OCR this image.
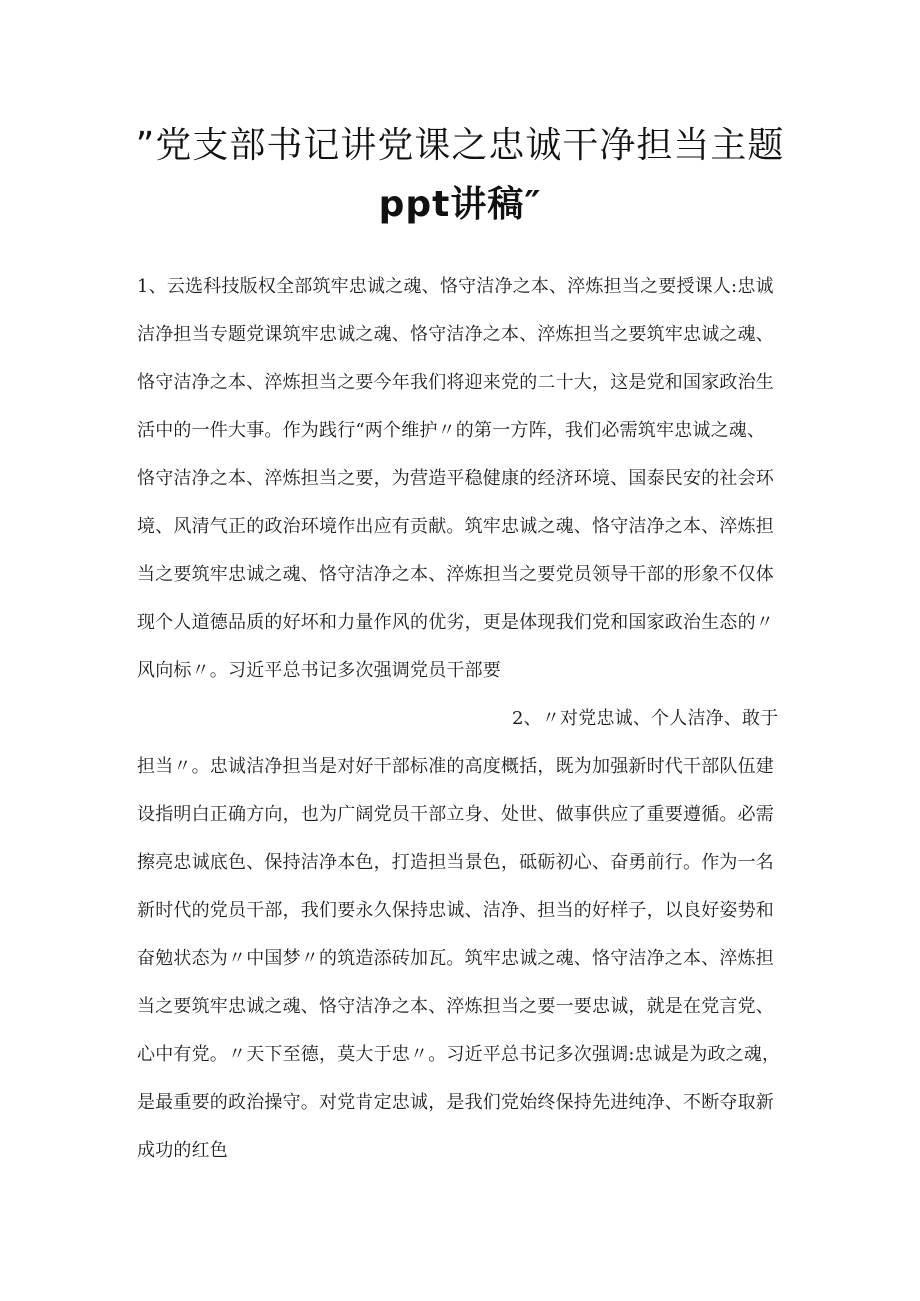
”党支部书记讲党课之忠诚干净担当主题
ppt讲稿″
1、云选科技版权全部筑牢忠诚之魂、恪守洁净之本、淬炼担当之要授课人:忠诚
洁净担当专题党课筑牢忠诚之魂、恪守洁净之本、淬炼担当之要筑牢忠诚之魂、
恪守洁净之本、淬炼担当之要今年我们将迎来党的二十大，这是党和国家政治生
活中的一件大事。作为践行“两个维护〃的第一方阵，我们必需筑牢忠诚之魂、
恪守洁净之本、淬炼担当之要，为营造平稳健康的经济环境、国泰民安的社会环
境、风清气正的政治环境作出应有贡献。筑牢忠诚之魂、恪守洁净之本、淬炼担
当之要筑牢忠诚之魂、恪守洁净之本、淬炼担当之要党员领导干部的形象不仅体
现个人道德品质的好坏和力量作风的优劣，更是体现我们党和国家政治生态的〃
风向标〃。习近平总书记多次强调党员干部要
2、〃对党忠诚、个人洁净、敢于
担当〃。忠诚洁净担当是对好干部标准的高度概括，既为加强新时代干部队伍建
设指明白正确方向，也为广阔党员干部立身、处世、做事供应了重要遵循。必需
擦亮忠诚底色、保持洁净本色，打造担当景色，砥砺初心、奋勇前行。作为一名
新时代的党员干部，我们要永久保持忠诚、洁净、担当的好样子，以良好姿势和
奋勉状态为〃中国梦〃的筑造添砖加瓦。筑牢忠诚之魂、恪守洁净之本、淬炼担
当之要筑牢忠诚之魂、恪守洁净之本、淬炼担当之要一要忠诚，就是在党言党、
心中有党。〃天下至德，莫大于忠〃。习近平总书记多次强调:忠诚是为政之魂，
是最重要的政治操守。对党肯定忠诚，是我们党始终保持先进纯净、不断夺取新
成功的红色
